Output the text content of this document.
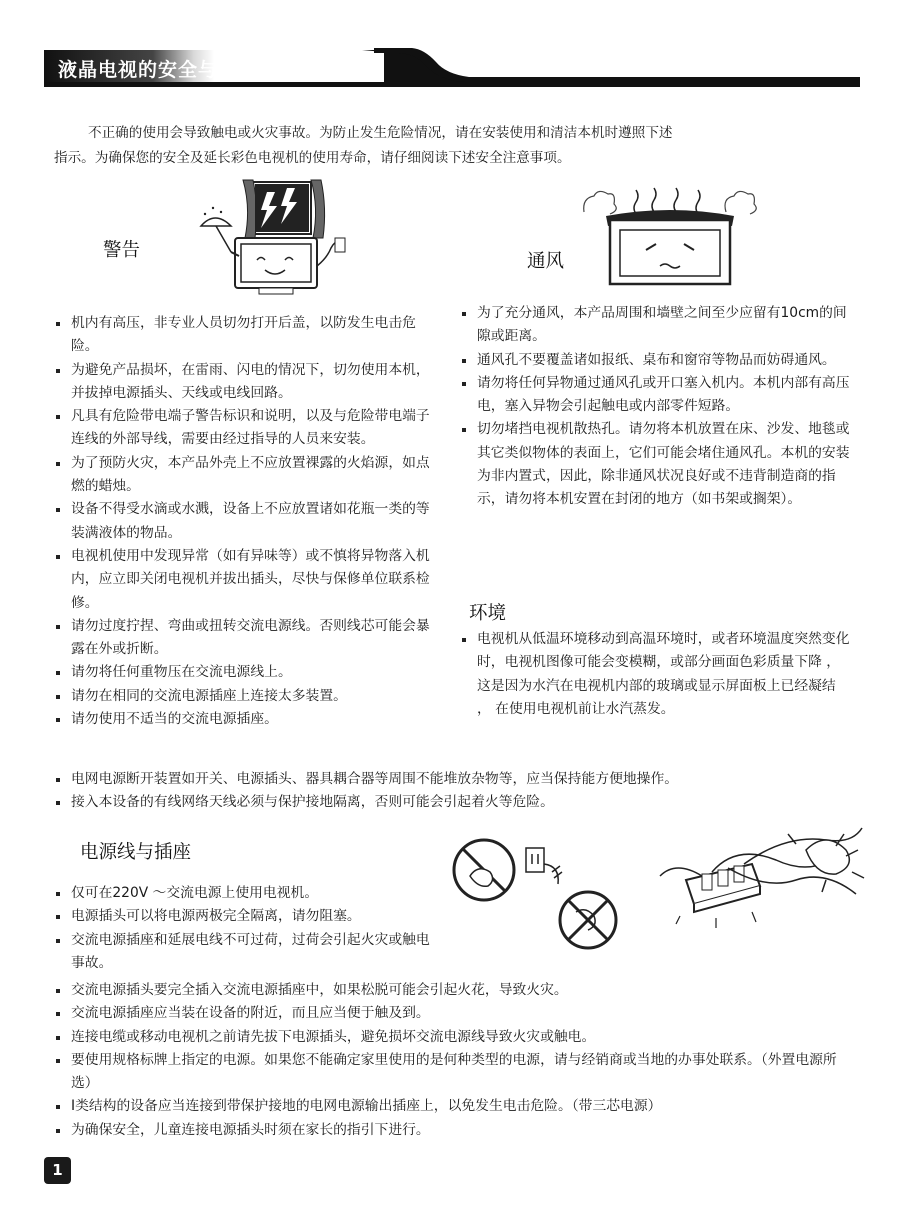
液晶电视的安全与注意事项
不正确的使用会导致触电或火灾事故。为防止发生危险情况，请在安装使用和清洁本机时遵照下述
指示。为确保您的安全及延长彩色电视机的使用寿命，请仔细阅读下述安全注意事项。
警告
机内有高压，非专业人员切勿打开后盖，以防发生电击危险。
为避免产品损坏，在雷雨、闪电的情况下，切勿使用本机，并拔掉电源插头、天线或电线回路。
凡具有危险带电端子警告标识和说明，以及与危险带电端子连线的外部导线，需要由经过指导的人员来安装。
为了预防火灾，本产品外壳上不应放置裸露的火焰源，如点燃的蜡烛。
设备不得受水滴或水溅，设备上不应放置诸如花瓶一类的等装满液体的物品。
电视机使用中发现异常（如有异味等）或不慎将异物落入机内，应立即关闭电视机并拔出插头，尽快与保修单位联系检修。
请勿过度拧捏、弯曲或扭转交流电源线。否则线芯可能会暴露在外或折断。
请勿将任何重物压在交流电源线上。
请勿在相同的交流电源插座上连接太多装置。
请勿使用不适当的交流电源插座。
通风
为了充分通风，本产品周围和墙壁之间至少应留有10cm的间隙或距离。
通风孔不要覆盖诸如报纸、桌布和窗帘等物品而妨碍通风。
请勿将任何异物通过通风孔或开口塞入机内。本机内部有高压电，塞入异物会引起触电或内部零件短路。
切勿堵挡电视机散热孔。请勿将本机放置在床、沙发、地毯或其它类似物体的表面上，它们可能会堵住通风孔。本机的安装为非内置式，因此，除非通风状况良好或不违背制造商的指示，请勿将本机安置在封闭的地方（如书架或搁架）。
环境
电视机从低温环境移动到高温环境时，或者环境温度突然变化时，电视机图像可能会变模糊，或部分画面色彩质量下降 ， 这是因为水汽在电视机内部的玻璃或显示屏面板上已经凝结 ， 在使用电视机前让水汽蒸发。
电网电源断开装置如开关、电源插头、器具耦合器等周围不能堆放杂物等，应当保持能方便地操作。
接入本设备的有线网络天线必须与保护接地隔离，否则可能会引起着火等危险。
电源线与插座
仅可在220V ～交流电源上使用电视机。
电源插头可以将电源两极完全隔离，请勿阻塞。
交流电源插座和延展电线不可过荷，过荷会引起火灾或触电事故。
交流电源插头要完全插入交流电源插座中，如果松脱可能会引起火花，导致火灾。
交流电源插座应当装在设备的附近，而且应当便于触及到。
连接电缆或移动电视机之前请先拔下电源插头，避免损坏交流电源线导致火灾或触电。
要使用规格标牌上指定的电源。如果您不能确定家里使用的是何种类型的电源，请与经销商或当地的办事处联系。（外置电源所选）
Ⅰ类结构的设备应当连接到带保护接地的电网电源输出插座上，以免发生电击危险。（带三芯电源）
为确保安全，儿童连接电源插头时须在家长的指引下进行。
1
